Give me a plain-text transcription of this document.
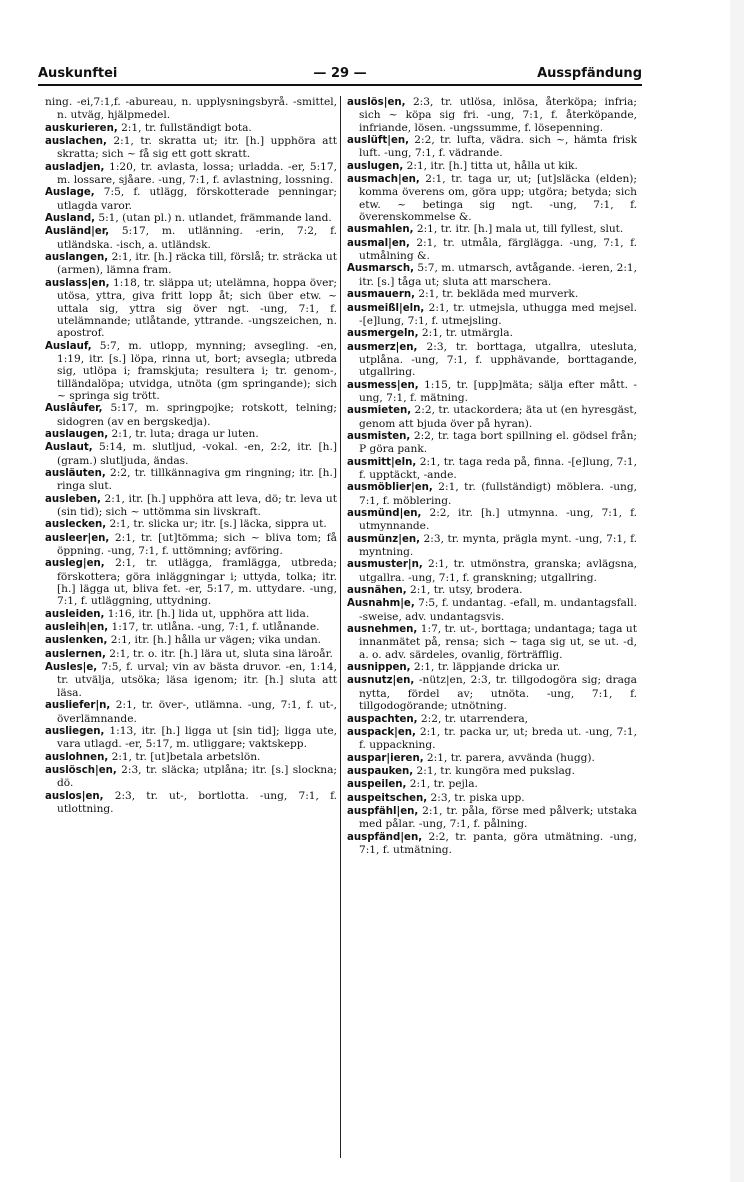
Auskunftei	— 29 —	Ausspfändung

ning. -ei,7:1,f. -abureau, n. upplysningsbyrå. -smittel, n. utväg, hjälpmedel.

auskurieren, 2:1, tr. fullständigt bota.

auslachen, 2:1, tr. skratta ut; itr. [h.] upphöra att skratta; sich ~ få sig ett gott skratt.

ausladjen, 1:20, tr. avlasta, lossa; urladda. -er, 5:17, m. lossare, sjåare. -ung, 7:1, f. avlastning, lossning.

Auslage, 7:5, f. utlägg, förskotterade penningar; utlagda varor.

Ausland, 5:1, (utan pl.) n. utlandet, främmande land.

Ausländ|er, 5:17, m. utlänning. -erin, 7:2, f. utländska. -isch, a. utländsk.

auslangen, 2:1, itr. [h.] räcka till, förslå; tr. sträcka ut (armen), lämna fram.

auslass|en, 1:18, tr. släppa ut; utelämna, hoppa över; utösa, yttra, giva fritt lopp åt; sich über etw. ~ uttala sig, yttra sig över ngt. -ung, 7:1, f. utelämnande; utlåtande, yttrande. -ungszeichen, n. apostrof.

Auslauf, 5:7, m. utlopp, mynning; avsegling. -en, 1:19, itr. [s.] löpa, rinna ut, bort; avsegla; utbreda sig, utlöpa i; framskjuta; resultera i; tr. genom-, tilländalöpa; utvidga, utnöta (gm springande); sich ~ springa sig trött.

Auslâufer, 5:17, m. springpojke; rotskott, telning; sidogren (av en bergskedja).

auslaugen, 2:1, tr. luta; draga ur luten.

Auslaut, 5:14, m. slutljud, -vokal. -en, 2:2, itr. [h.] (gram.) slutljuda, ändas.

ausläuten, 2:2, tr. tillkännagiva gm ringning; itr. [h.] ringa slut.

ausleben, 2:1, itr. [h.] upphöra att leva, dö; tr. leva ut (sin tid); sich ~ uttömma sin livskraft.

auslecken, 2:1, tr. slicka ur; itr. [s.] läcka, sippra ut.

ausleer|en, 2:1, tr. [ut]tömma; sich ~ bliva tom; få öppning. -ung, 7:1, f. uttömning; avföring.

ausleg|en, 2:1, tr. utlägga, framlägga, utbreda; förskottera; göra inläggningar i; uttyda, tolka; itr. [h.] lägga ut, bliva fet. -er, 5:17, m. uttydare. -ung, 7:1, f. utläggning, uttydning.

ausleiden, 1:16, itr. [h.] lida ut, upphöra att lida.

ausleih|en, 1:17, tr. utlåna. -ung, 7:1, f. utlånande.

auslenken, 2:1, itr. [h.] hålla ur vägen; vika undan.

auslernen, 2:1, tr. o. itr. [h.] lära ut, sluta sina läroår.

Ausles|e, 7:5, f. urval; vin av bästa druvor. -en, 1:14, tr. utvälja, utsöka; läsa igenom; itr. [h.] sluta att läsa.

ausliefer|n, 2:1, tr. över-, utlämna. -ung, 7:1, f. ut-, överlämnande.

ausliegen, 1:13, itr. [h.] ligga ut [sin tid]; ligga ute, vara utlagd. -er, 5:17, m. utliggare; vaktskepp.

auslohnen, 2:1, tr. [ut]betala arbetslön.

auslösch|en, 2:3, tr. släcka; utplåna; itr. [s.] slockna; dö.

auslos|en, 2:3, tr. ut-, bortlotta. -ung, 7:1, f. utlottning.

auslös|en, 2:3, tr. utlösa, inlösa, återköpa; infria; sich ~ köpa sig fri. -ung, 7:1, f. återköpande, infriande, lösen. -ungssumme, f. lösepenning.

auslüft|en, 2:2, tr. lufta, vädra. sich ~, hämta frisk luft. -ung, 7:1, f. vädrande.

auslugen, 2:1, itr. [h.] titta ut, hålla ut kik.

ausmach|en, 2:1, tr. taga ur, ut; [ut]släcka (elden); komma överens om, göra upp; utgöra; betyda; sich etw. ~ betinga sig ngt. -ung, 7:1, f. överenskommelse &.

ausmahlen, 2:1, tr. itr. [h.] mala ut, till fyllest, slut.

ausmal|en, 2:1, tr. utmåla, färglägga. -ung, 7:1, f. utmålning &.

Ausmarsch, 5:7, m. utmarsch, avtågande. -ieren, 2:1, itr. [s.] tåga ut; sluta att marschera.

ausmauern, 2:1, tr. bekläda med murverk.

ausmeißl|eln, 2:1, tr. utmejsla, uthugga med mejsel. -[e]lung, 7:1, f. utmejsling.

ausmergeln, 2:1, tr. utmärgla.

ausmerz|en, 2:3, tr. borttaga, utgallra, utesluta, utplåna. -ung, 7:1, f. upphävande, borttagande, utgallring.

ausmess|en, 1:15, tr. [upp]mäta; sälja efter mått. -ung, 7:1, f. mätning.

ausmieten, 2:2, tr. utackordera; äta ut (en hyresgäst, genom att bjuda över på hyran).

ausmisten, 2:2, tr. taga bort spillning el. gödsel från; P göra pank.

ausmitt|eln, 2:1, tr. taga reda på, finna. -[e]lung, 7:1, f. upptäckt, -ande.

ausmöblier|en, 2:1, tr. (fullständigt) möblera. -ung, 7:1, f. möblering.

ausmünd|en, 2:2, itr. [h.] utmynna. -ung, 7:1, f. utmynnande.

ausmünz|en, 2:3, tr. mynta, prägla mynt. -ung, 7:1, f. myntning.

ausmuster|n, 2:1, tr. utmönstra, granska; avlägsna, utgallra. -ung, 7:1, f. granskning; utgallring.

ausnähen, 2:1, tr. utsy, brodera.

Ausnahm|e, 7:5, f. undantag. -efall, m. undantagsfall. -sweise, adv. undantagsvis.

ausnehmen, 1:7, tr. ut-, borttaga; undantaga; taga ut innanmätet på, rensa; sich ~ taga sig ut, se ut. -d, a. o. adv. särdeles, ovanlig, förträfflig.

ausnippen, 2:1, tr. läppjande dricka ur.

ausnutz|en, -nütz|en, 2:3, tr. tillgodogöra sig; draga nytta, fördel av; utnöta. -ung, 7:1, f. tillgodogörande; utnötning.

auspachten, 2:2, tr. utarrendera,

auspack|en, 2:1, tr. packa ur, ut; breda ut. -ung, 7:1, f. uppackning.

auspar|ieren, 2:1, tr. parera, avvända (hugg).

auspauken, 2:1, tr. kungöra med pukslag.

auspeilen, 2:1, tr. pejla.

auspeitschen, 2:3, tr. piska upp.

auspfähl|en, 2:1, tr. påla, förse med pålverk; utstaka med pålar. -ung, 7:1, f. pålning.

auspfänd|en, 2:2, tr. panta, göra utmätning. -ung, 7:1, f. utmätning.
